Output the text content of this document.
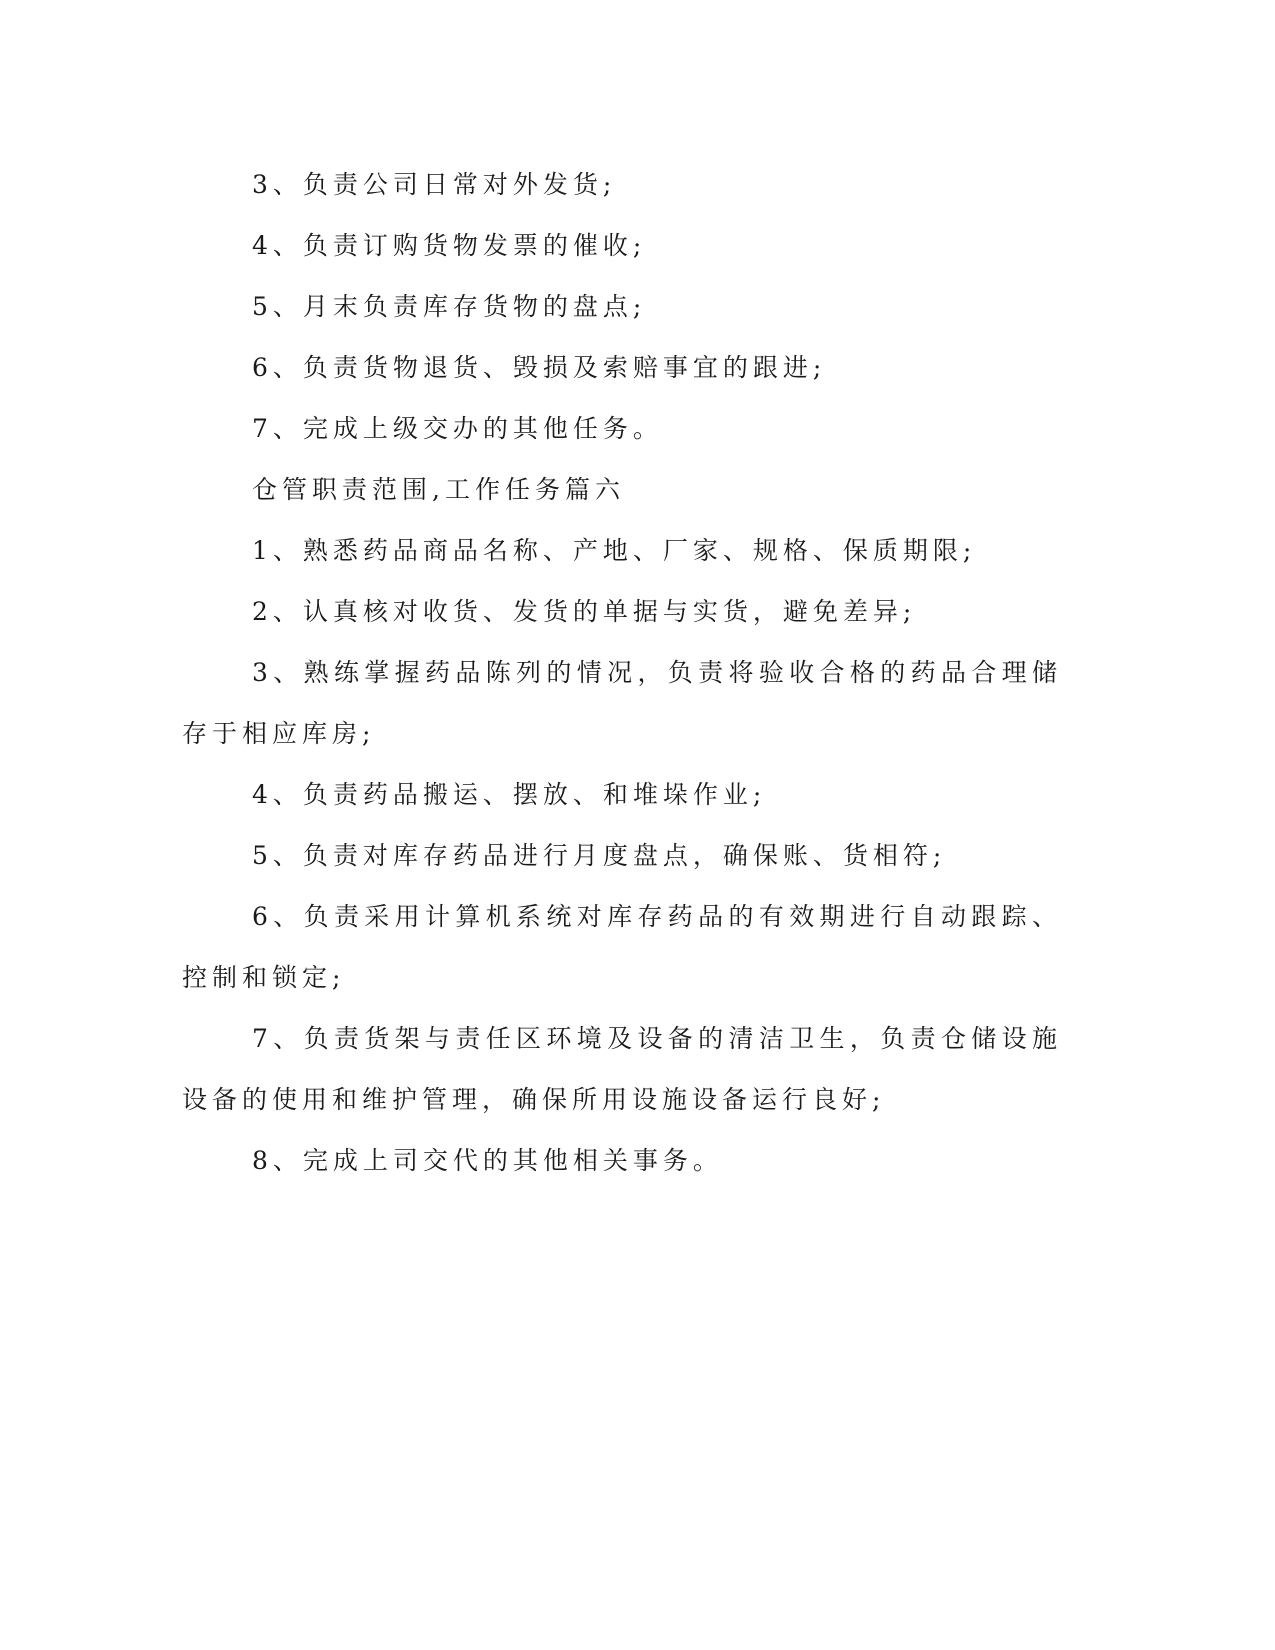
3、负责公司日常对外发货;

4、负责订购货物发票的催收;

5、月末负责库存货物的盘点;

6、负责货物退货、毁损及索赔事宜的跟进;

7、完成上级交办的其他任务。

仓管职责范围,工作任务篇六

1、熟悉药品商品名称、产地、厂家、规格、保质期限;

2、认真核对收货、发货的单据与实货，避免差异;

3、熟练掌握药品陈列的情况，负责将验收合格的药品合理储存于相应库房;

4、负责药品搬运、摆放、和堆垛作业;

5、负责对库存药品进行月度盘点，确保账、货相符;

6、负责采用计算机系统对库存药品的有效期进行自动跟踪、控制和锁定;

7、负责货架与责任区环境及设备的清洁卫生，负责仓储设施设备的使用和维护管理，确保所用设施设备运行良好;

8、完成上司交代的其他相关事务。
